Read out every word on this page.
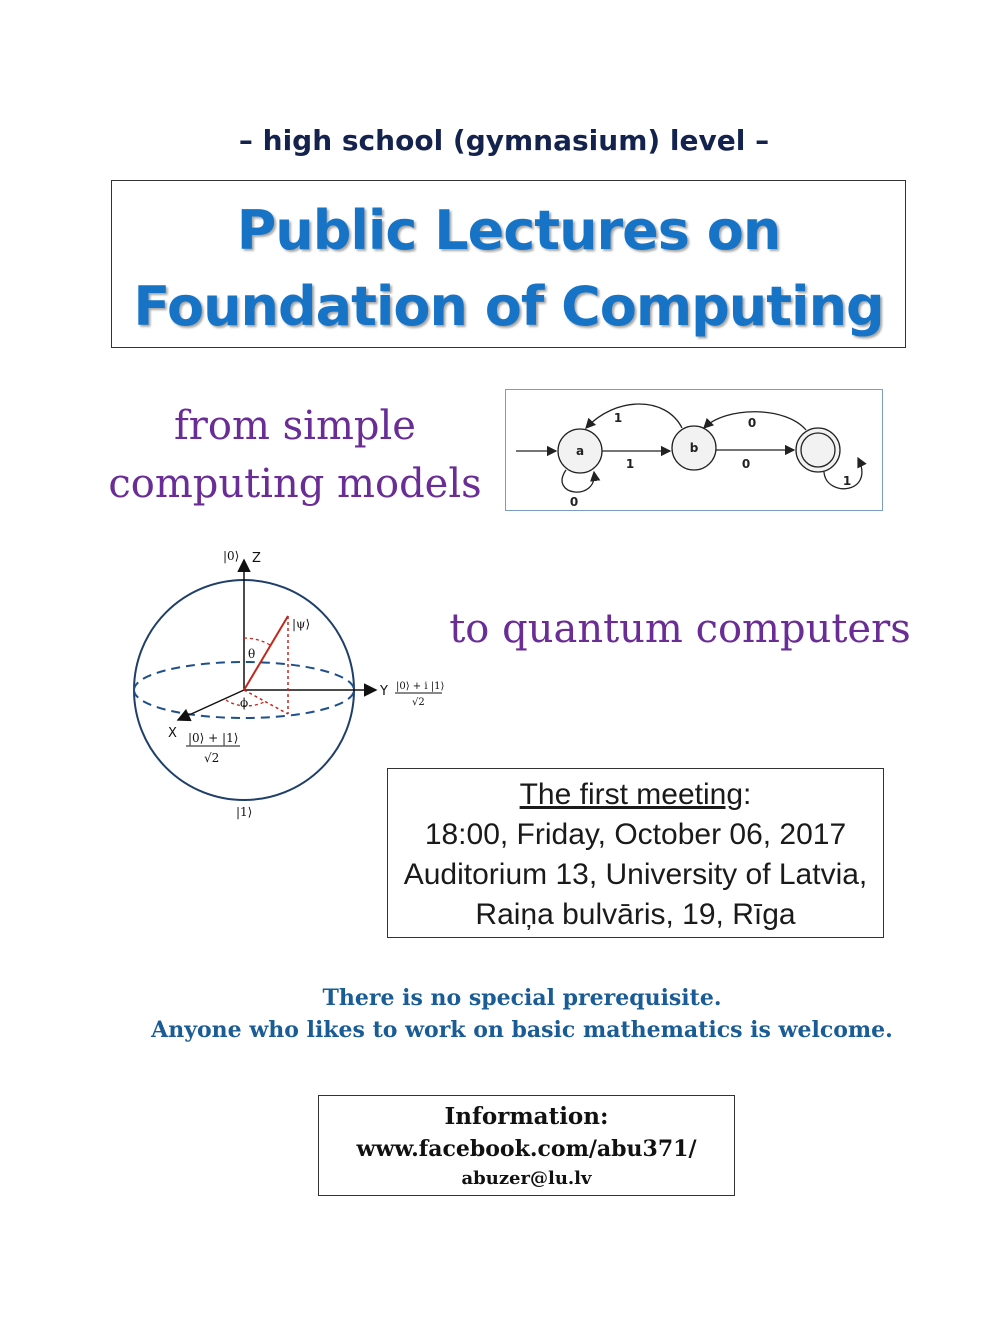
– high school (gymnasium) level –
Public Lectures on
Foundation of Computing
from simple
computing models
a	b
1
1
0
0
0
1
|0⟩ Z
Y
X
|ψ⟩
θ
ϕ
|1⟩
|0⟩ + i |1⟩
√2
|0⟩ + |1⟩
√2
to quantum computers
The first meeting:
18:00, Friday, October 06, 2017
Auditorium 13, University of Latvia,
Raiņa bulvāris, 19, Rīga
There is no special prerequisite.
Anyone who likes to work on basic mathematics is welcome.
Information:
www.facebook.com/abu371/
abuzer@lu.lv
